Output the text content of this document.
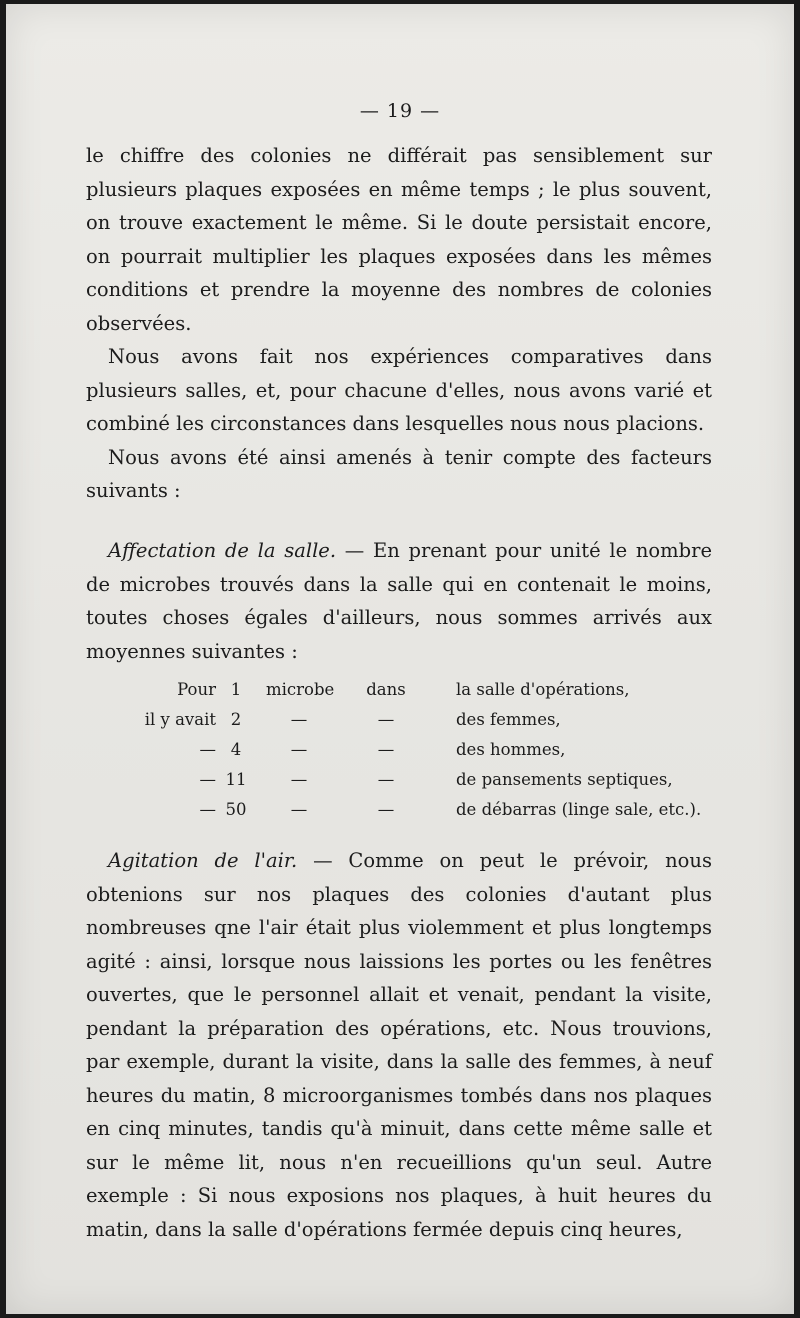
— 19 —

le chiffre des colonies ne différait pas sensiblement sur plusieurs plaques exposées en même temps ; le plus souvent, on trouve exactement le même. Si le doute persistait encore, on pourrait multiplier les plaques exposées dans les mêmes conditions et prendre la moyenne des nombres de colonies observées.

Nous avons fait nos expériences comparatives dans plusieurs salles, et, pour chacune d'elles, nous avons varié et combiné les circonstances dans lesquelles nous nous placions.

Nous avons été ainsi amenés à tenir compte des facteurs suivants :

Affectation de la salle. — En prenant pour unité le nombre de microbes trouvés dans la salle qui en contenait le moins, toutes choses égales d'ailleurs, nous sommes arrivés aux moyennes suivantes :

Pour 1	microbe	dans	la salle d'opérations,
il y avait 2	—	—	des femmes,
— 4	—	—	des hommes,
— 11	—	—	de pansements septiques,
— 50	—	—	de débarras (linge sale, etc.).

Agitation de l'air. — Comme on peut le prévoir, nous obtenions sur nos plaques des colonies d'autant plus nombreuses qne l'air était plus violemment et plus longtemps agité : ainsi, lorsque nous laissions les portes ou les fenêtres ouvertes, que le personnel allait et venait, pendant la visite, pendant la préparation des opérations, etc. Nous trouvions, par exemple, durant la visite, dans la salle des femmes, à neuf heures du matin, 8 microorganismes tombés dans nos plaques en cinq minutes, tandis qu'à minuit, dans cette même salle et sur le même lit, nous n'en recueillions qu'un seul. Autre exemple : Si nous exposions nos plaques, à huit heures du matin, dans la salle d'opérations fermée depuis cinq heures,
